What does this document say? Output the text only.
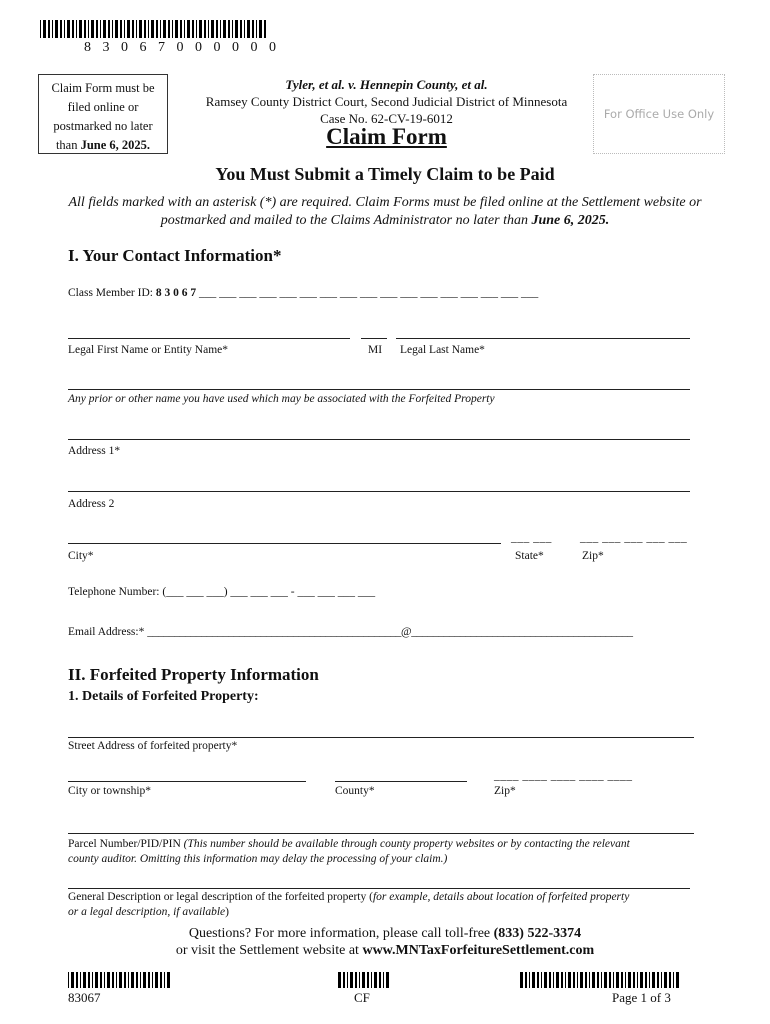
8 3 0 6 7 0 0 0 0 0 0
Claim Form must be
filed online or
postmarked no later
than June 6, 2025.
Tyler, et al. v. Hennepin County, et al.
Ramsey County District Court, Second Judicial District of Minnesota
Case No. 62-CV-19-6012
Claim Form
For Office Use Only
You Must Submit a Timely Claim to be Paid
All fields marked with an asterisk (*) are required. Claim Forms must be filed online at the Settlement website or postmarked and mailed to the Claims Administrator no later than June 6, 2025.
I. Your Contact Information*
Class Member ID: 8 3 0 6 7 ___ ___ ___ ___ ___ ___ ___ ___ ___ ___ ___ ___ ___ ___ ___ ___ ___
Legal First Name or Entity Name*	MI Legal Last Name*
Any prior or other name you have used which may be associated with the Forfeited Property
Address 1*
Address 2
___ ___ ___ ___ ___ ___ ___
City*	State*	Zip*
Telephone Number: (___ ___ ___) ___ ___ ___ - ___ ___ ___ ___
Email Address:* _______________________________________________@_________________________________________
II. Forfeited Property Information
1. Details of Forfeited Property:
Street Address of forfeited property*
____ ____ ____ ____ ____
City or township*	County*	Zip*
Parcel Number/PID/PIN (This number should be available through county property websites or by contacting the relevant
county auditor. Omitting this information may delay the processing of your claim.)
General Description or legal description of the forfeited property (for example, details about location of forfeited property
or a legal description, if available)
Questions? For more information, please call toll-free (833) 522-3374
or visit the Settlement website at www.MNTaxForfeitureSettlement.com
83067	CF	Page 1 of 3
